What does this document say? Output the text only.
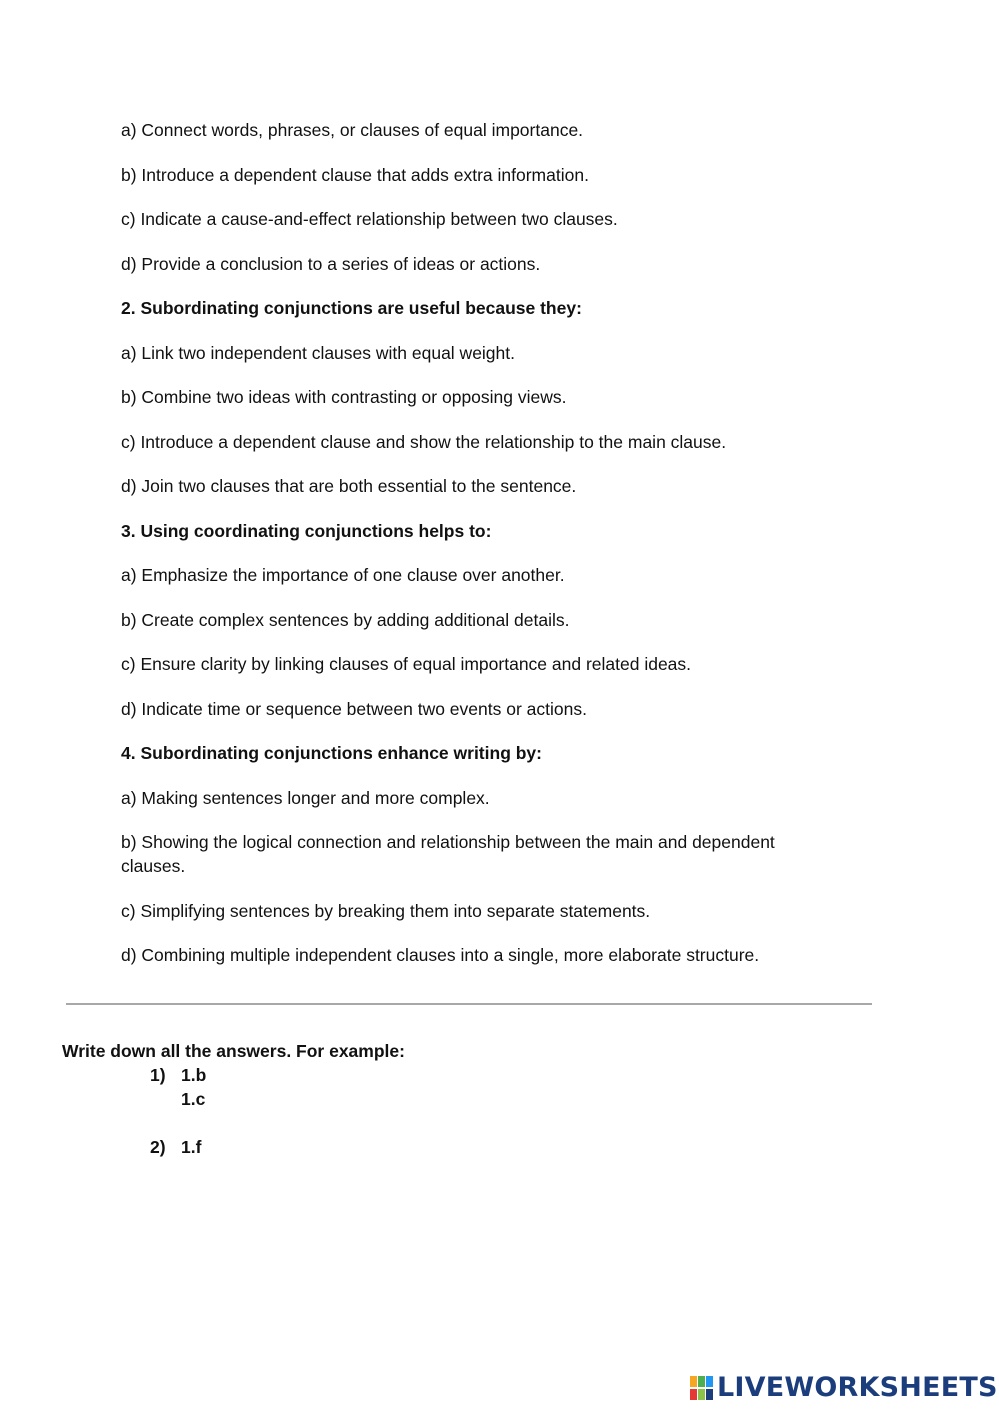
a) Connect words, phrases, or clauses of equal importance.

b) Introduce a dependent clause that adds extra information.

c) Indicate a cause-and-effect relationship between two clauses.

d) Provide a conclusion to a series of ideas or actions.

2. Subordinating conjunctions are useful because they:

a) Link two independent clauses with equal weight.

b) Combine two ideas with contrasting or opposing views.

c) Introduce a dependent clause and show the relationship to the main clause.

d) Join two clauses that are both essential to the sentence.

3. Using coordinating conjunctions helps to:

a) Emphasize the importance of one clause over another.

b) Create complex sentences by adding additional details.

c) Ensure clarity by linking clauses of equal importance and related ideas.

d) Indicate time or sequence between two events or actions.

4. Subordinating conjunctions enhance writing by:

a) Making sentences longer and more complex.

b) Showing the logical connection and relationship between the main and dependent clauses.

c) Simplifying sentences by breaking them into separate statements.

d) Combining multiple independent clauses into a single, more elaborate structure.

Write down all the answers. For example:
1) 1.b
1.c
2) 1.f
LIVEWORKSHEETS
